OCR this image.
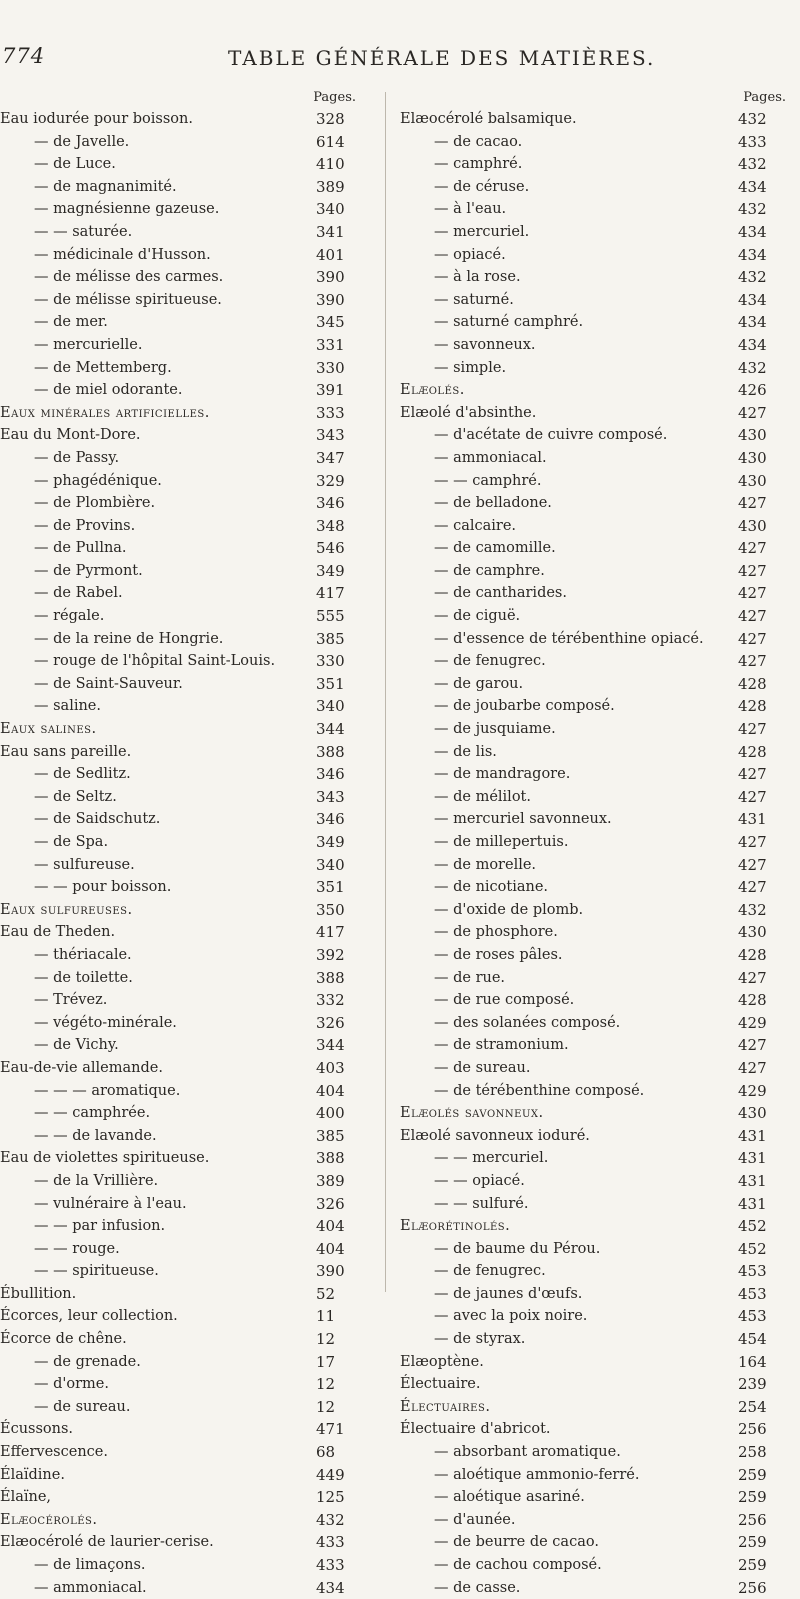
774	TABLE GÉNÉRALE DES MATIÈRES.
Pages.
Eau iodurée pour boisson.	328
— de Javelle.	614
— de Luce.	410
— de magnanimité.	389
— magnésienne gazeuse.	340
— — saturée.	341
— médicinale d'Husson.	401
— de mélisse des carmes.	390
— de mélisse spiritueuse.	390
— de mer.	345
— mercurielle.	331
— de Mettemberg.	330
— de miel odorante.	391
Eaux minérales artificielles.	333
Eau du Mont-Dore.	343
— de Passy.	347
— phagédénique.	329
— de Plombière.	346
— de Provins.	348
— de Pullna.	546
— de Pyrmont.	349
— de Rabel.	417
— régale.	555
— de la reine de Hongrie.	385
— rouge de l'hôpital Saint-Louis.	330
— de Saint-Sauveur.	351
— saline.	340
Eaux salines.	344
Eau sans pareille.	388
— de Sedlitz.	346
— de Seltz.	343
— de Saidschutz.	346
— de Spa.	349
— sulfureuse.	340
— — pour boisson.	351
Eaux sulfureuses.	350
Eau de Theden.	417
— thériacale.	392
— de toilette.	388
— Trévez.	332
— végéto-minérale.	326
— de Vichy.	344
Eau-de-vie allemande.	403
— — — aromatique.	404
— — camphrée.	400
— — de lavande.	385
Eau de violettes spiritueuse.	388
— de la Vrillière.	389
— vulnéraire à l'eau.	326
— — par infusion.	404
— — rouge.	404
— — spiritueuse.	390
Ébullition.	52
Écorces, leur collection.	11
Écorce de chêne.	12
— de grenade.	17
— d'orme.	12
— de sureau.	12
Écussons.	471
Effervescence.	68
Élaïdine.	449
Élaïne,	125
Elæocérolés.	432
Elæocérolé de laurier-cerise.	433
— de limaçons.	433
— ammoniacal.	434
Pages.
Elæocérolé balsamique.	432
— de cacao.	433
— camphré.	432
— de céruse.	434
— à l'eau.	432
— mercuriel.	434
— opiacé.	434
— à la rose.	432
— saturné.	434
— saturné camphré.	434
— savonneux.	434
— simple.	432
Elæolés.	426
Elæolé d'absinthe.	427
— d'acétate de cuivre composé.	430
— ammoniacal.	430
— — camphré.	430
— de belladone.	427
— calcaire.	430
— de camomille.	427
— de camphre.	427
— de cantharides.	427
— de ciguë.	427
— d'essence de térébenthine opiacé. 427
— de fenugrec.	427
— de garou.	428
— de joubarbe composé.	428
— de jusquiame.	427
— de lis.	428
— de mandragore.	427
— de mélilot.	427
— mercuriel savonneux.	431
— de millepertuis.	427
— de morelle.	427
— de nicotiane.	427
— d'oxide de plomb.	432
— de phosphore.	430
— de roses pâles.	428
— de rue.	427
— de rue composé.	428
— des solanées composé.	429
— de stramonium.	427
— de sureau.	427
— de térébenthine composé.	429
Elæolés savonneux.	430
Elæolé savonneux ioduré.	431
— — mercuriel.	431
— — opiacé.	431
— — sulfuré.	431
Elæorétinolés.	452
— de baume du Pérou.	452
— de fenugrec.	453
— de jaunes d'œufs.	453
— avec la poix noire.	453
— de styrax.	454
Elæoptène.	164
Électuaire.	239
Électuaires.	254
Électuaire d'abricot.	256
— absorbant aromatique.	258
— aloétique ammonio-ferré.	259
— aloétique asariné.	259
— d'aunée.	256
— de beurre de cacao.	259
— de cachou composé.	259
— de casse.	256
